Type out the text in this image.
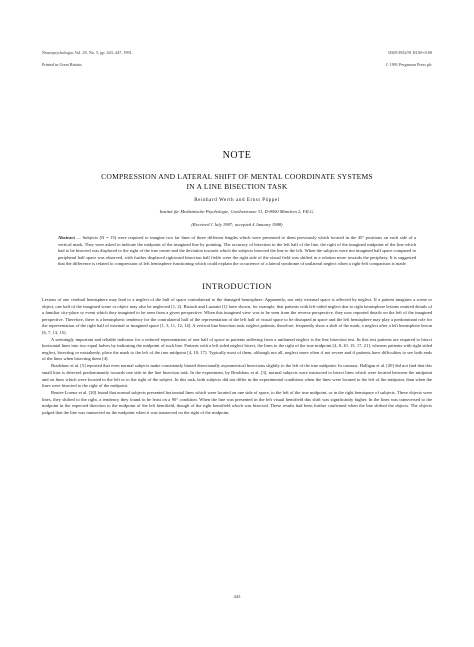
Neuropsychologia, Vol. 29, No. 5, pp. 443–447, 1991.

Printed in Great Britain.

0028-3932/91 $3.00+0.00

© 1991 Pergamon Press plc

NOTE
COMPRESSION AND LATERAL SHIFT OF MENTAL COORDINATE SYSTEMS
IN A LINE BISECTION TASK
Reinhard Werth and Ernst Pöppel
Institut für Medizinische Psychologie, Goethestrasse 31, D-8000 München 2, F.R.G.
(Received 1 July 1987; accepted 4 January 1988)
Abstract — Subjects (N = 15) were required to imagine two far lines of three different lengths which were presented to them previously which located in the 45° positions on each side of a vertical mark. They were asked to indicate the midpoint of the imagined line by pointing. The accuracy of bisection in the left half of the line, the right of the imagined midpoint of the line which had to be bisected was displaced to the right of the true centre and the deviation towards which the subjects bisected the line to the left. When the subjects were not imagined half space compared to peripheral half space was observed, with further displaced rightward bisection half fields were the right side of the visual field was shifted in a relation more towards the periphery. It is suggested that the difference is related to compression of left hemisphere functioning which could explain the occurrence of a lateral syndrome of unilateral neglect when a right-left comparison is made.
INTRODUCTION

Lesions of one cerebral hemisphere may lead to a neglect of the half of space contralateral to the damaged hemisphere. Apparently, not only external space is affected by neglect. If a patient imagines a scene or object, one half of the imagined scene or object may also be neglected [1, 2]. Bisiach and Luzzatti [1] have shown, for example, that patients with left-sided neglect due to right hemisphere lesions omitted details of a familiar city-place or event which they imagined to be seen from a given perspective. When this imagined view was to be seen from the reverse perspective, they now reported details on the left of the imagined perspective. Therefore, there is a hemispheric tendency for the contralateral half of the representation of the left half of visual space to be disrupted in space and the left hemisphere may play a predominant role for the representation of the right half of external or imagined space [1, 3, 11, 12, 14]. A vertical line bisection task, neglect patients, therefore, frequently show a shift of the mark, a neglect after a left hemisphere lesion [6, 7, 13, 15].

A seemingly important and reliable indicator for a reduced representation of one half of space in patients suffering from a unilateral neglect is the line bisection test. In this test patients are required to bisect horizontal lines into two equal halves by indicating the midpoint of such line. Patients with a left sided neglect bisect, the lines to the right of the true midpoint [4, 8–10, 15, 17, 21], whereas patients with right sided neglect, bisecting or mistakenly, place the mark to the left of the true midpoint [4, 10, 17]. Typically most of them, although not all, neglect more often if not severe and if patients have difficulties to see both ends of the lines when bisecting them [4].

Bradshaw et al. [5] reported that even normal subjects make consistently biased directionally asymmetrical bisections slightly to the left of the true midpoint. In contrast, Halligan et al. [20] did not find that this small bias is detected predominantly towards one side in the line bisection task. In the experiment, by Bradshaw et al. [3], normal subjects were instructed to bisect lines which were located between the midpoint and on lines which were located to the left or to the right of the subject. In this task, both subjects did not differ in the experimental conditions when the lines were located to the left of the midpoint, than when the lines were bisected to the right of the midpoint.

Reuter-Lorenz et al. [20] found that normal subjects presented horizontal lines which were located on one side of space, to the left of the true midpoint, or in the right hemispace of subjects. These objects were lines, they shifted to the right, a tendency they found to be least on a 90° condition. When the line was presented in the left visual hemifield this shift was significantly higher. In the lines was transversed to the midpoint in the expected direction to the midpoint of the left hemifield, though of the right hemifield which was bisected. These results had been further confirmed when the line shifted the objects. The objects judged that the line was transected on the midpoint when it was transected on the right of the midpoint.

443
